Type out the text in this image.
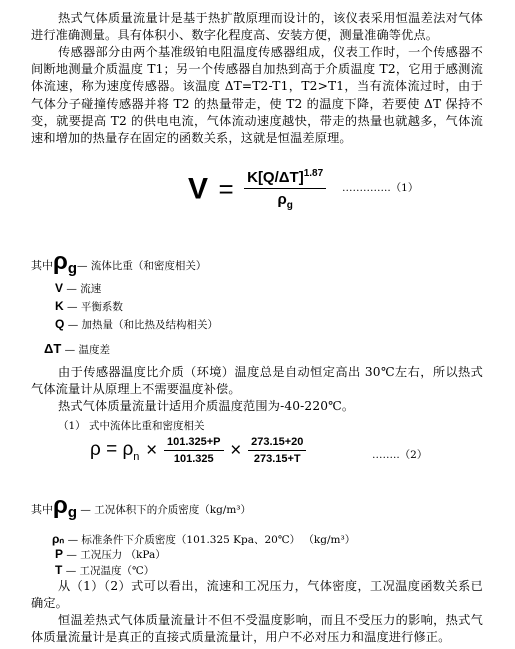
热式气体质量流量计是基于热扩散原理而设计的，该仪表采用恒温差法对气体进行准确测量。具有体积小、数字化程度高、安装方便，测量准确等优点。

传感器部分由两个基准级铂电阻温度传感器组成，仪表工作时，一个传感器不间断地测量介质温度 T1；另一个传感器自加热到高于介质温度 T2，它用于感测流体流速，称为速度传感器。该温度 ΔT=T2-T1，T2>T1，当有流体流过时，由于气体分子碰撞传感器并将 T2 的热量带走，使 T2 的温度下降，若要使 ΔT 保持不变，就要提高 T2 的供电电流，气体流动速度越快，带走的热量也就越多，气体流速和增加的热量存在固定的函数关系，这就是恒温差原理。

$V = \frac{K[Q/\Delta T]^{1.87}}{\rho_g}$ …………..（1）
其中$\rho_g—$ 流体比重（和密度相关）
V — 流速
K — 平衡系数
Q — 加热量（和比热及结构相关）
ΔT — 温度差

由于传感器温度比介质（环境）温度总是自动恒定高出 30℃左右，所以热式气体流量计从原理上不需要温度补偿。

热式气体质量流量计适用介质温度范围为-40-220℃。

（1） 式中流体比重和密度相关
$\rho = \rho_n \times \frac{101.325+P}{101.325} \times \frac{273.15+20}{273.15+T}$	……..（2）
其中$\rho_g$ — 工况体积下的介质密度（kg/m³）
ρₙ — 标准条件下介质密度（101.325 Kpa、20℃） （kg/m³）
P — 工况压力 （kPa）
T — 工况温度（℃）

从（1）（2）式可以看出，流速和工况压力，气体密度，工况温度函数关系已确定。

恒温差热式气体质量流量计不但不受温度影响，而且不受压力的影响，热式气体质量流量计是真正的直接式质量流量计，用户不必对压力和温度进行修正。
